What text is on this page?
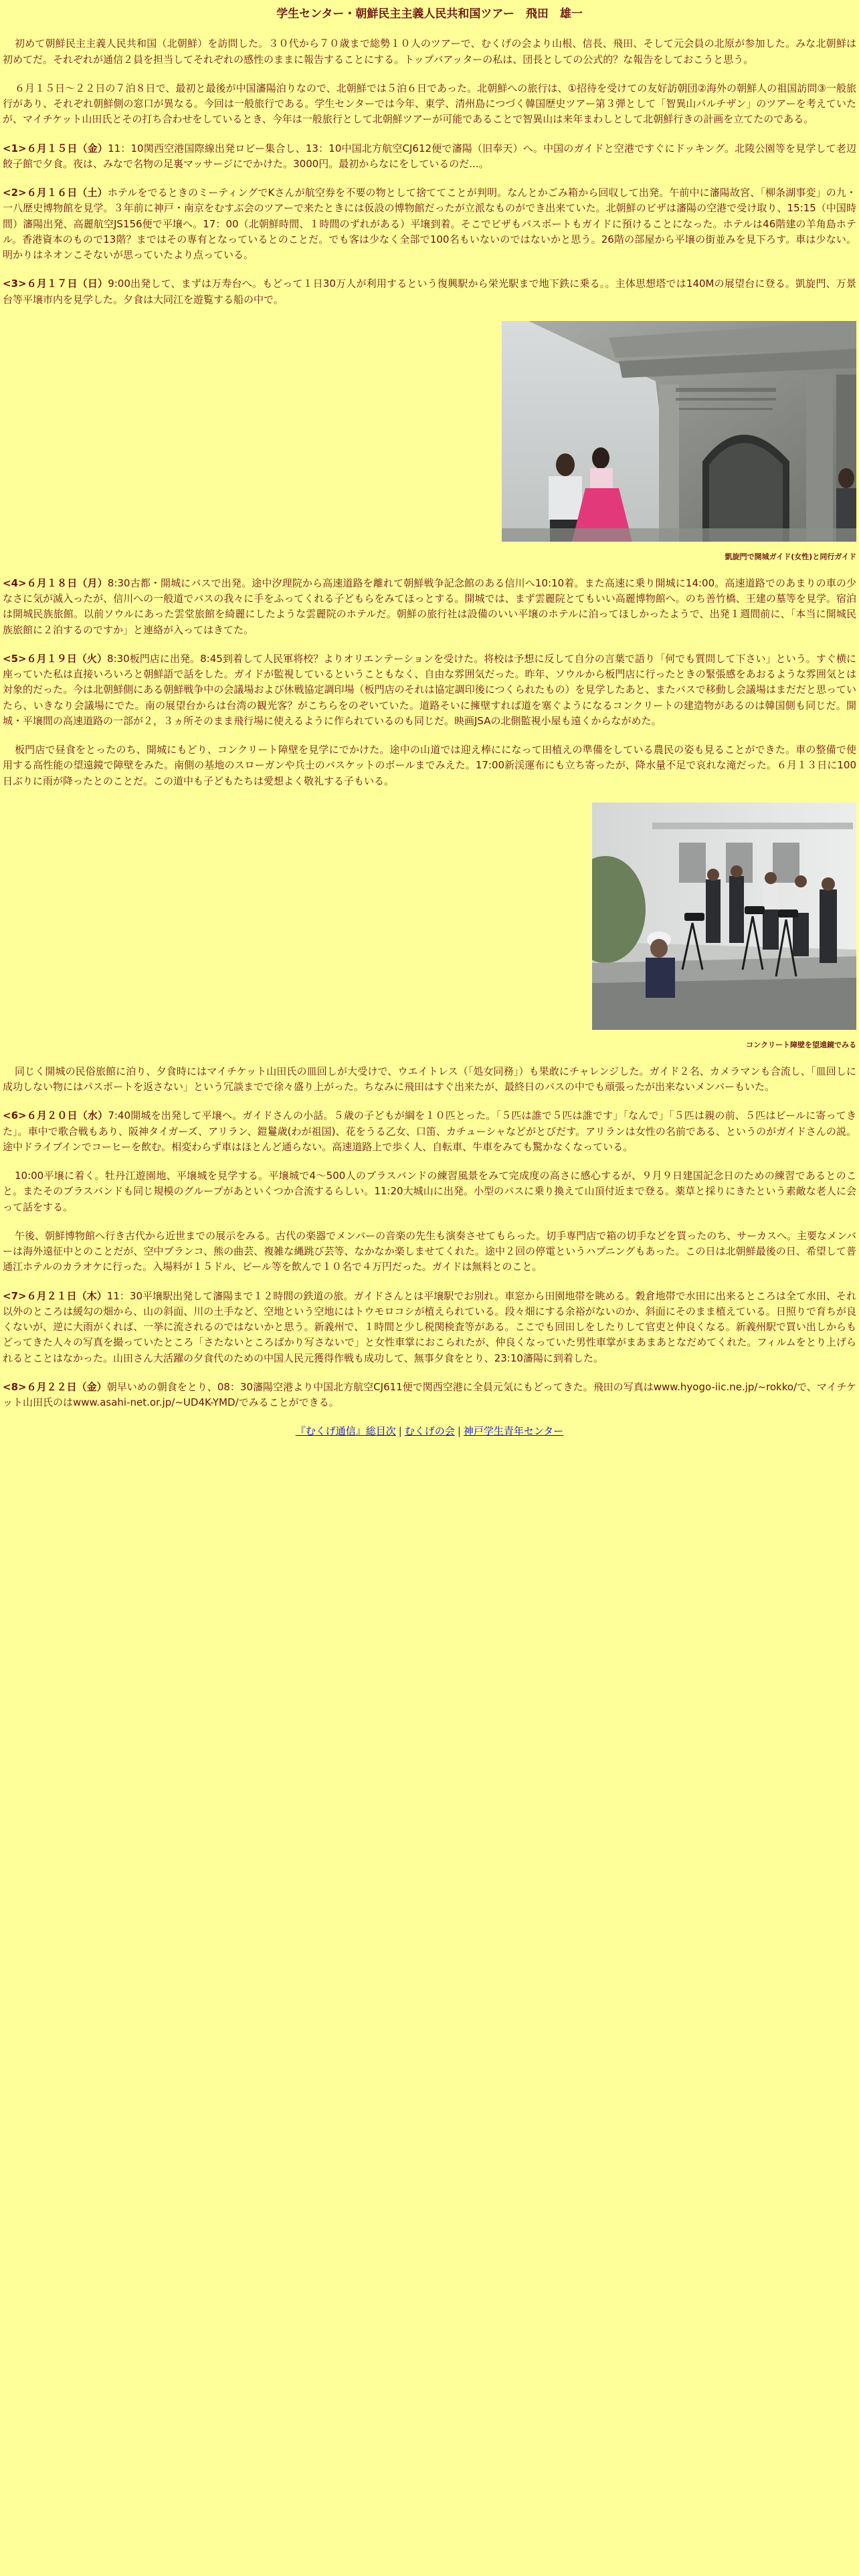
学生センター・朝鮮民主主義人民共和国ツアー　飛田　雄一

初めて朝鮮民主主義人民共和国（北朝鮮）を訪問した。３０代から７０歳まで総勢１０人のツアーで、むくげの会より山根、信長、飛田、そして元会員の北原が参加した。みな北朝鮮は初めてだ。それぞれが通信２員を担当してそれぞれの感性のままに報告することにする。トップバアッターの私は、団長としての公式的？な報告をしておこうと思う。

６月１５日～２２日の７泊８日で、最初と最後が中国瀋陽泊りなので、北朝鮮では５泊６日であった。北朝鮮への旅行は、①招待を受けての友好訪朝団②海外の朝鮮人の祖国訪問③一般旅行があり、それぞれ朝鮮側の窓口が異なる。今回は一般旅行である。学生センターでは今年、東学、清州島につづく韓国歴史ツアー第３弾として「智異山パルチザン」のツアーを考えていたが、マイチケット山田氏とその打ち合わせをしているとき、今年は一般旅行として北朝鮮ツアーが可能であることで智異山は来年まわしとして北朝鮮行きの計画を立てたのである。

<1>６月１５日（金）11：10関西空港国際線出発ロビー集合し、13：10中国北方航空CJ612便で瀋陽（旧奉天）へ。中国のガイドと空港ですぐにドッキング。北陵公園等を見学して老辺餃子館で夕食。夜は、みなで名物の足裏マッサージにでかけた。3000円。最初からなにをしているのだ...。

<2>６月１６日（土）ホテルをでるときのミーティングでKさんが航空券を不要の物として捨ててことが判明。なんとかごみ箱から回収して出発。午前中に瀋陽故宮、「柳条湖事変」の九・一八歴史博物館を見学。３年前に神戸・南京をむすぶ会のツアーで来たときには仮設の博物館だったが立派なものができ出来ていた。北朝鮮のビザは瀋陽の空港で受け取り、15:15（中国時間）瀋陽出発、高麗航空JS156便で平壌へ。17：00（北朝鮮時間、１時間のずれがある）平壌到着。そこでビザもパスポートもガイドに預けることになった。ホテルは46階建の羊角島ホテル。香港資本のもので13階？まではその専有となっているとのことだ。でも客は少なく全部で100名もいないのではないかと思う。26階の部屋から平壌の街並みを見下ろす。車は少ない。明かりはネオンこそないが思っていたより点っている。

<3>６月１７日（日）9:00出発して、まずは万寿台へ。もどって１日30万人が利用するという復興駅から栄光駅まで地下鉄に乗る。。主体思想塔では140Mの展望台に登る。凱旋門、万景台等平壌市内を見学した。夕食は大同江を遊覧する船の中で。

凱旋門で開城ガイド(女性)と同行ガイド

<4>６月１８日（月）8:30古都・開城にバスで出発。途中汐理院から高速道路を離れて朝鮮戦争記念館のある信川へ10:10着。また高速に乗り開城に14:00。高速道路でのあまりの車の少なさに気が滅入ったが、信川への一般道でバスの我々に手をふってくれる子どもらをみてほっとする。開城では、まず雲麗院とてもいい高麗博物館へ。のち善竹橋、王建の墓等を見学。宿泊は開城民族旅館。以前ソウルにあった雲堂旅館を綺麗にしたような雲麗院のホテルだ。朝鮮の旅行社は設備のいい平壌のホテルに泊ってほしかったようで、出発１週間前に、「本当に開城民族旅館に２泊するのですか」と連絡が入ってはきてた。

<5>６月１９日（火）8:30板門店に出発。8:45到着して人民軍将校？よりオリエンテーションを受けた。将校は予想に反して自分の言葉で語り「何でも質問して下さい」という。すぐ横に座っていた私は直接いろいろと朝鮮語で話をした。ガイドが監視しているということもなく、自由な雰囲気だった。昨年、ソウルから板門店に行ったときの緊張感をあおるような雰囲気とは対象的だった。今は北朝鮮側にある朝鮮戦争中の会議場および休戦協定調印場（板門店のそれは協定調印後につくられたもの）を見学したあと、またバスで移動し会議場はまだだと思っていたら、いきなり会議場にでた。南の展望台からは台湾の観光客？がこちらをのぞいていた。道路そいに擁壁すれば道を塞ぐようになるコンクリートの建造物があるのは韓国側も同じだ。開城・平壌間の高速道路の一部が２，３ヵ所そのまま飛行場に使えるように作られているのも同じだ。映画JSAの北側監視小屋も遠くからながめた。

板門店で昼食をとったのち、開城にもどり、コンクリート障壁を見学にでかけた。途中の山道では迎え棒にになって田植えの準備をしている農民の姿も見ることができた。車の整備で使用する高性能の望遠鏡で障壁をみた。南側の基地のスローガンや兵士のバスケットのボールまでみえた。17:00新渓運布にも立ち寄ったが、降水量不足で哀れな滝だった。６月１３日に100日ぶりに雨が降ったとのことだ。この道中も子どもたちは愛想よく敬礼する子もいる。

コンクリート障壁を望遠鏡でみる

同じく開城の民俗旅館に泊り、夕食時にはマイチケット山田氏の皿回しが大受けで、ウエイトレス（「処女同務」）も果敢にチャレンジした。ガイド２名、カメラマンも合流し、「皿回しに成功しない物にはパスポートを返さない」という冗談までで徐々盛り上がった。ちなみに飛田はすぐ出来たが、最終日のバスの中でも頑張ったが出来ないメンバーもいた。

<6>６月２０日（水）7:40開城を出発して平壌へ。ガイドさんの小話。５歳の子どもが綱を１０匹とった。「５匹は誰で５匹は誰です」「なんで」「５匹は親の前、５匹はビールに寄ってきた」。車中で歌合戦もあり、阪神タイガーズ、アリラン、鎧鬘歳(わが祖国)、花をうる乙女、口笛、カチューシャなどがとびだす。アリランは女性の名前である、というのがガイドさんの説。途中ドライブインでコーヒーを飲む。相変わらず車はほとんど通らない。高速道路上で歩く人、自転車、牛車をみても驚かなくなっている。

10:00平壌に着く。牡丹江遊園地、平壌城を見学する。平壌城で4～500人のブラスバンドの練習風景をみて完成度の高さに感心するが、９月９日建国記念日のための練習であるとのこと。またそのブラスバンドも同じ規模のグループがあといくつか合流するらしい。11:20大城山に出発。小型のバスに乗り換えて山頂付近まで登る。薬草と採りにきたという素敵な老人に会って話をする。

午後、朝鮮博物館へ行き古代から近世までの展示をみる。古代の楽器でメンバーの音楽の先生も演奏させてもらった。切手専門店で箱の切手などを買ったのち、サーカスへ。主要なメンバーは海外遠征中とのことだが、空中ブランコ、熊の曲芸、複雑な縄跳び芸等、なかなか楽しませてくれた。途中２回の停電というハプニングもあった。この日は北朝鮮最後の日、希望して普通江ホテルのカラオケに行った。入場料が１５ドル、ビール等を飲んで１０名で４万円だった。ガイドは無料とのこと。

<7>６月２１日（木）11：30平壌駅出発して瀋陽まで１２時間の鉄道の旅。ガイドさんとは平壌駅でお別れ。車窓から田園地帯を眺める。穀倉地帯で水田に出来るところは全て水田、それ以外のところは緩勾の畑から、山の斜面、川の土手など、空地という空地にはトウモロコシが植えられている。段々畑にする余裕がないのか、斜面にそのまま植えている。日照りで育ちが良くないが、逆に大雨がくれば、一挙に流されるのではないかと思う。新義州で、１時間と少し税関検査等がある。ここでも回田しをしたりして官吏と仲良くなる。新義州駅で買い出しからもどってきた人々の写真を撮っていたところ「さたないところばかり写さないで」と女性車掌におこられたが、仲良くなっていた男性車掌がまあまあとなだめてくれた。フィルムをとり上げられるとことはなかった。山田さん大活躍の夕食代のための中国人民元獲得作戦も成功して、無事夕食をとり、23:10瀋陽に到着した。

<8>６月２２日（金）朝早いめの朝食をとり、08：30瀋陽空港より中国北方航空CJ611便で関西空港に全員元気にもどってきた。飛田の写真はwww.hyogo-iic.ne.jp/~rokko/で、マイチケット山田氏のはwww.asahi-net.or.jp/~UD4K-YMD/でみることができる。

『むくげ通信』総目次 | むくげの会 | 神戸学生青年センター
